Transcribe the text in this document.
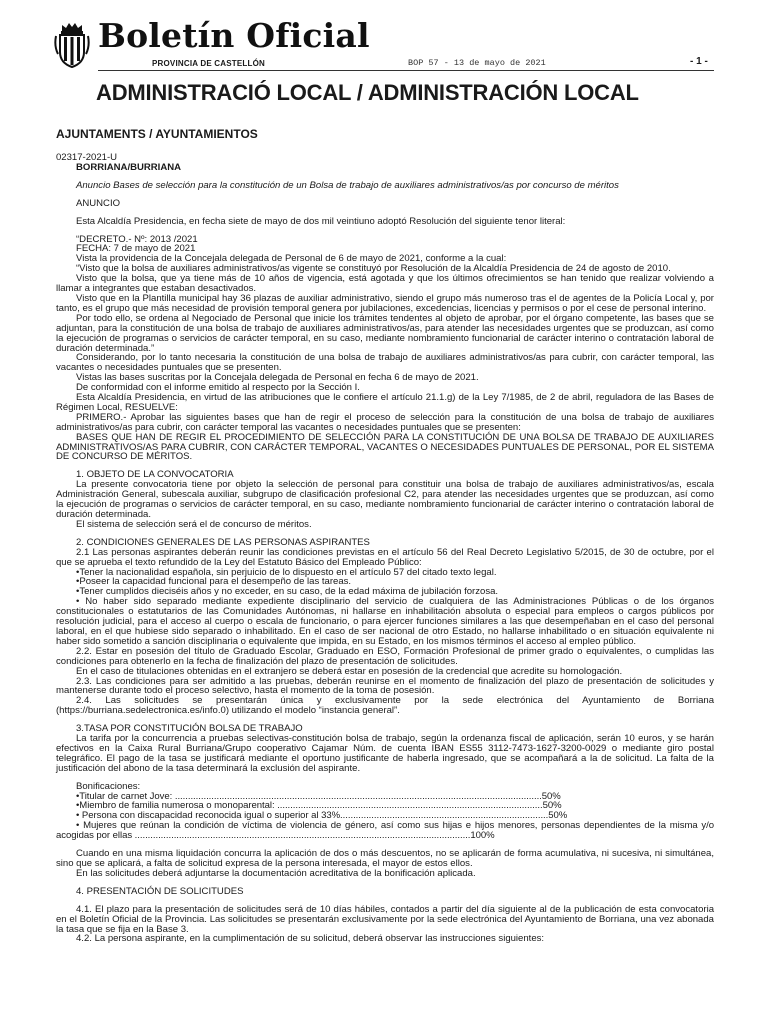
Boletín Oficial
PROVINCIA DE CASTELLÓN	BOP 57 - 13 de mayo de 2021	- 1 -
ADMINISTRACIÓ LOCAL / ADMINISTRACIÓN LOCAL
AJUNTAMENTS / AYUNTAMIENTOS

02317-2021-U

BORRIANA/BURRIANA

Anuncio Bases de selección para la constitución de un Bolsa de trabajo de auxiliares administrativos/as por concurso de méritos

ANUNCIO

Esta Alcaldía Presidencia, en fecha siete de mayo de dos mil veintiuno adoptó Resolución del siguiente tenor literal:

“DECRETO.- Nº: 2013 /2021

FECHA: 7 de mayo de 2021

Vista la providencia de la Concejala delegada de Personal de 6 de mayo de 2021, conforme a la cual:

“Visto que la bolsa de auxiliares administrativos/as vigente se constituyó por Resolución de la Alcaldía Presidencia de 24 de agosto de 2010.

Visto que la bolsa, que ya tiene más de 10 años de vigencia, está agotada y que los últimos ofrecimientos se han tenido que realizar volviendo a llamar a integrantes que estaban desactivados.

Visto que en la Plantilla municipal hay 36 plazas de auxiliar administrativo, siendo el grupo más numeroso tras el de agentes de la Policía Local y, por tanto, es el grupo que más necesidad de provisión temporal genera por jubilaciones, excedencias, licencias y permisos o por el cese de personal interino.

Por todo ello, se ordena al Negociado de Personal que inicie los trámites tendentes al objeto de aprobar, por el órgano competente, las bases que se adjuntan, para la constitución de una bolsa de trabajo de auxiliares administrativos/as, para atender las necesidades urgentes que se produzcan, así como la ejecución de programas o servicios de carácter temporal, en su caso, mediante nombramiento funcionarial de carácter interino o contratación laboral de duración determinada.”

Considerando, por lo tanto necesaria la constitución de una bolsa de trabajo de auxiliares administrativos/as para cubrir, con carácter temporal, las vacantes o necesidades puntuales que se presenten.

Vistas las bases suscritas por la Concejala delegada de Personal en fecha 6 de mayo de 2021.

De conformidad con el informe emitido al respecto por la Sección I.

Esta Alcaldía Presidencia, en virtud de las atribuciones que le confiere el artículo 21.1.g) de la Ley 7/1985, de 2 de abril, reguladora de las Bases de Régimen Local, RESUELVE:

PRIMERO.- Aprobar las siguientes bases que han de regir el proceso de selección para la constitución de una bolsa de trabajo de auxiliares administrativos/as para cubrir, con carácter temporal las vacantes o necesidades puntuales que se presenten:

BASES QUE HAN DE REGIR EL PROCEDIMIENTO DE SELECCIÓN PARA LA CONSTITUCIÓN DE UNA BOLSA DE TRABAJO DE AUXILIARES ADMINISTRATIVOS/AS PARA CUBRIR, CON CARÁCTER TEMPORAL, VACANTES O NECESIDADES PUNTUALES DE PERSONAL, POR EL SISTEMA DE CONCURSO DE MÉRITOS.

1. OBJETO DE LA CONVOCATORIA

La presente convocatoria tiene por objeto la selección de personal para constituir una bolsa de trabajo de auxiliares administrativos/as, escala Administración General, subescala auxiliar, subgrupo de clasificación profesional C2, para atender las necesidades urgentes que se produzcan, así como la ejecución de programas o servicios de carácter temporal, en su caso, mediante nombramiento funcionarial de carácter interino o contratación laboral de duración determinada.

El sistema de selección será el de concurso de méritos.

2. CONDICIONES GENERALES DE LAS PERSONAS ASPIRANTES

2.1 Las personas aspirantes deberán reunir las condiciones previstas en el artículo 56 del Real Decreto Legislativo 5/2015, de 30 de octubre, por el que se aprueba el texto refundido de la Ley del Estatuto Básico del Empleado Público:

•Tener la nacionalidad española, sin perjuicio de lo dispuesto en el artículo 57 del citado texto legal.

•Poseer la capacidad funcional para el desempeño de las tareas.

•Tener cumplidos dieciséis años y no exceder, en su caso, de la edad máxima de jubilación forzosa.

• No haber sido separado mediante expediente disciplinario del servicio de cualquiera de las Administraciones Públicas o de los órganos constitucionales o estatutarios de las Comunidades Autónomas, ni hallarse en inhabilitación absoluta o especial para empleos o cargos públicos por resolución judicial, para el acceso al cuerpo o escala de funcionario, o para ejercer funciones similares a las que desempeñaban en el caso del personal laboral, en el que hubiese sido separado o inhabilitado. En el caso de ser nacional de otro Estado, no hallarse inhabilitado o en situación equivalente ni haber sido sometido a sanción disciplinaria o equivalente que impida, en su Estado, en los mismos términos el acceso al empleo público.

2.2. Estar en posesión del título de Graduado Escolar, Graduado en ESO, Formación Profesional de primer grado o equivalentes, o cumplidas las condiciones para obtenerlo en la fecha de finalización del plazo de presentación de solicitudes.

En el caso de titulaciones obtenidas en el extranjero se deberá estar en posesión de la credencial que acredite su homologación.

2.3. Las condiciones para ser admitido a las pruebas, deberán reunirse en el momento de finalización del plazo de presentación de solicitudes y mantenerse durante todo el proceso selectivo, hasta el momento de la toma de posesión.

2.4. Las solicitudes se presentarán única y exclusivamente por la sede electrónica del Ayuntamiento de Borriana (https://burriana.sedelectronica.es/info.0) utilizando el modelo “instancia general”.

3.TASA POR CONSTITUCIÓN BOLSA DE TRABAJO

La tarifa por la concurrencia a pruebas selectivas-constitución bolsa de trabajo, según la ordenanza fiscal de aplicación, serán 10 euros, y se harán efectivos en la Caixa Rural Burriana/Grupo cooperativo Cajamar Núm. de cuenta IBAN ES55 3112-7473-1627-3200-0029 o mediante giro postal telegráfico. El pago de la tasa se justificará mediante el oportuno justificante de haberla ingresado, que se acompañará a la de solicitud. La falta de la justificación del abono de la tasa determinará la exclusión del aspirante.

Bonificaciones:

•Titular de carnet Jove: .............................................................................................................................................50%

•Miembro de familia numerosa o monoparental: ......................................................................................................50%

• Persona con discapacidad reconocida igual o superior al 33%................................................................................50%

• Mujeres que reúnan la condición de víctima de violencia de género, así como sus hijas e hijos menores, personas dependientes de la misma y/o acogidas por ellas .................................................................................................................................100%

Cuando en una misma liquidación concurra la aplicación de dos o más descuentos, no se aplicarán de forma acumulativa, ni sucesiva, ni simultánea, sino que se aplicará, a falta de solicitud expresa de la persona interesada, el mayor de estos ellos.

En las solicitudes deberá adjuntarse la documentación acreditativa de la bonificación aplicada.

4. PRESENTACIÓN DE SOLICITUDES

4.1. El plazo para la presentación de solicitudes será de 10 días hábiles, contados a partir del día siguiente al de la publicación de esta convocatoria en el Boletín Oficial de la Provincia. Las solicitudes se presentarán exclusivamente por la sede electrónica del Ayuntamiento de Borriana, una vez abonada la tasa que se fija en la Base 3.

4.2. La persona aspirante, en la cumplimentación de su solicitud, deberá observar las instrucciones siguientes:
